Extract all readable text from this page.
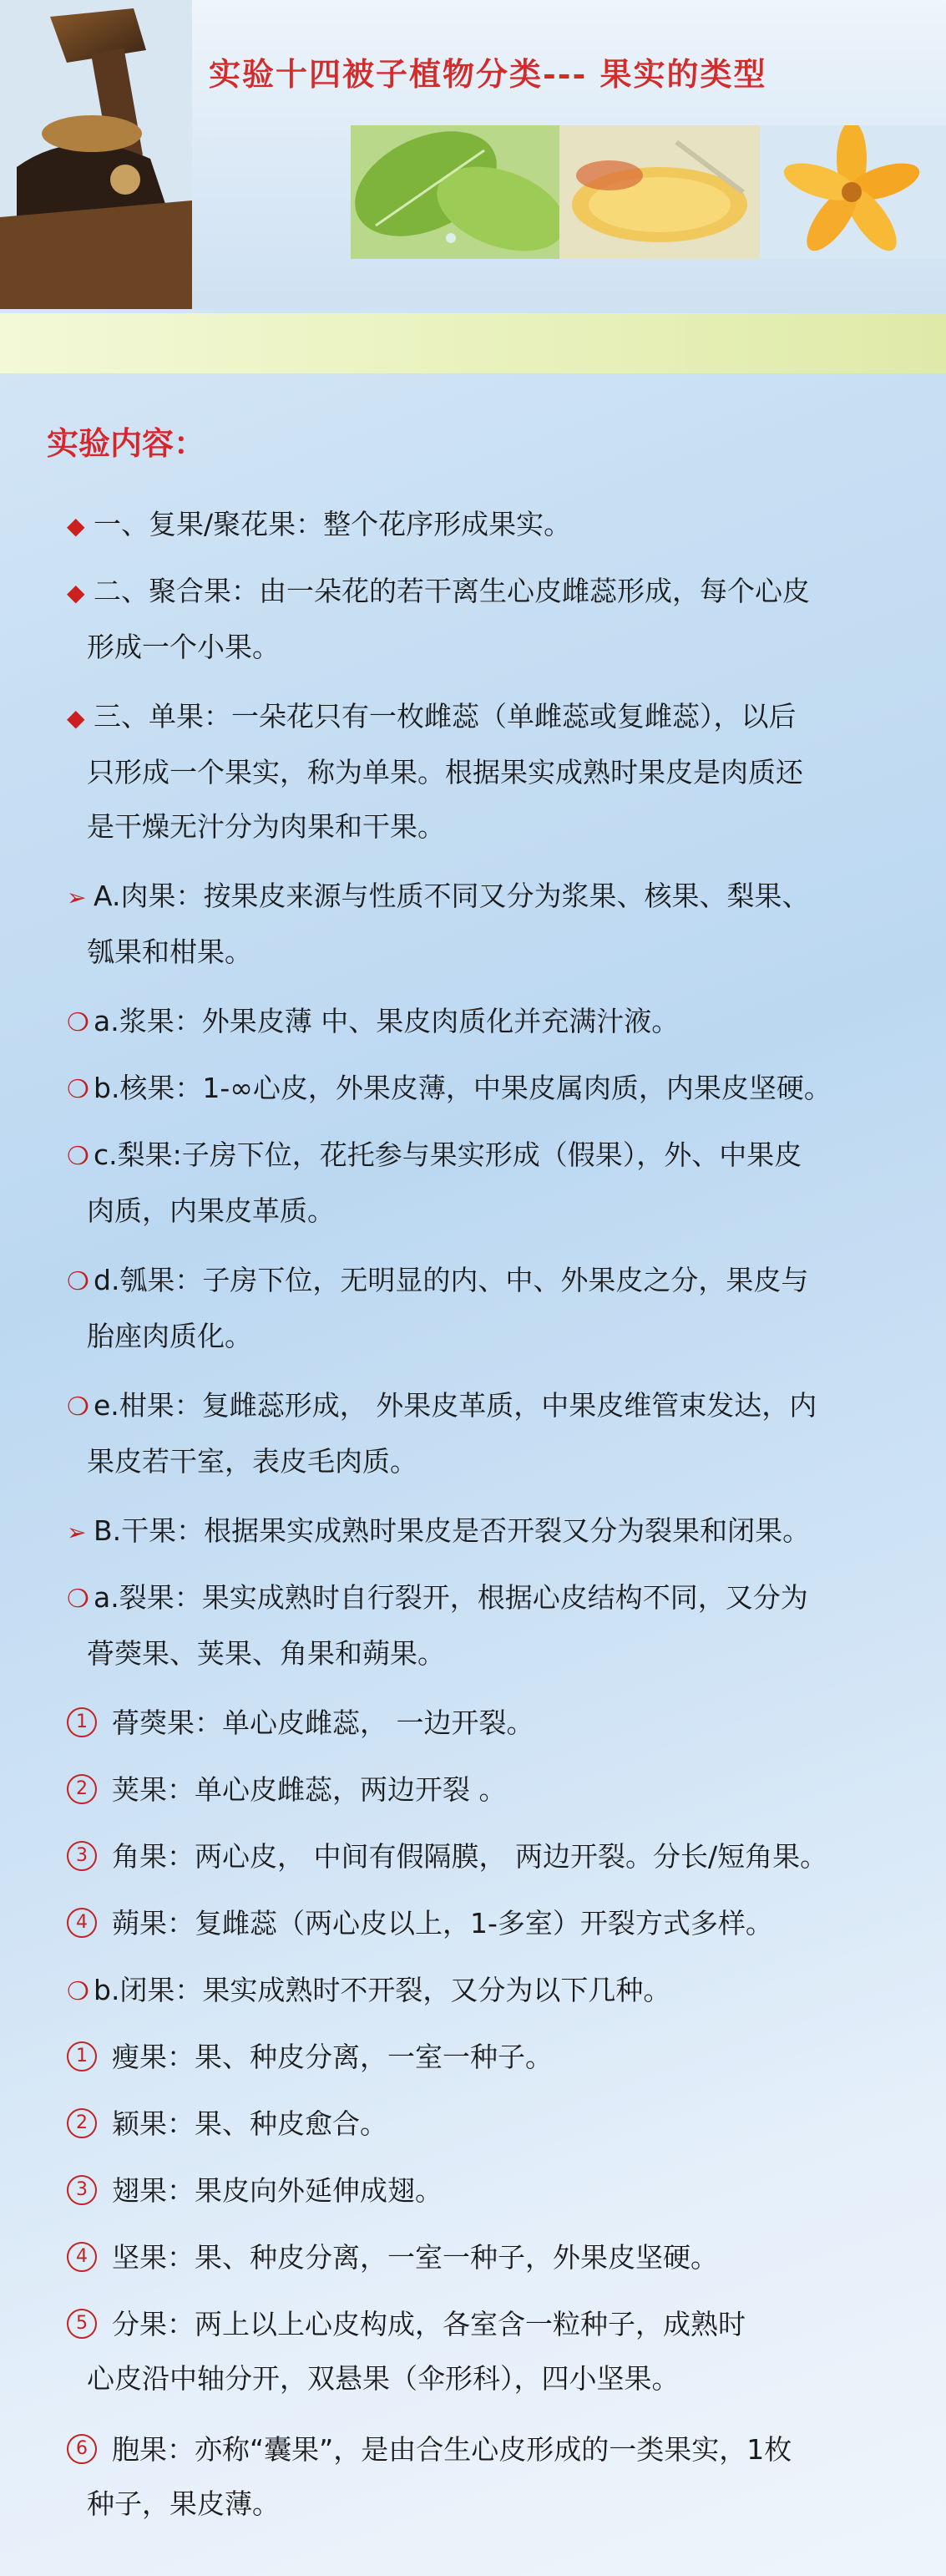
实验十四被子植物分类--- 果实的类型
实验内容：
◆ 一、复果/聚花果：整个花序形成果实。
◆ 二、聚合果：由一朵花的若干离生心皮雌蕊形成，每个心皮
形成一个小果。
◆ 三、单果：一朵花只有一枚雌蕊（单雌蕊或复雌蕊），以后
只形成一个果实，称为单果。根据果实成熟时果皮是肉质还
是干燥无汁分为肉果和干果。
➢ A.肉果：按果皮来源与性质不同又分为浆果、核果、梨果、
瓠果和柑果。
❍ a.浆果：外果皮薄 中、果皮肉质化并充满汁液。
❍ b.核果：1-∞心皮，外果皮薄，中果皮属肉质，内果皮坚硬。
❍ c.梨果:子房下位，花托参与果实形成（假果），外、中果皮
肉质，内果皮革质。
❍ d.瓠果：子房下位，无明显的内、中、外果皮之分，果皮与
胎座肉质化。
❍ e.柑果：复雌蕊形成， 外果皮革质，中果皮维管束发达，内
果皮若干室，表皮毛肉质。
➢ B.干果：根据果实成熟时果皮是否开裂又分为裂果和闭果。
❍ a.裂果：果实成熟时自行裂开，根据心皮结构不同，又分为
蓇葖果、荚果、角果和蒴果。
1 蓇葖果：单心皮雌蕊， 一边开裂。
2 荚果：单心皮雌蕊，两边开裂 。
3 角果：两心皮， 中间有假隔膜， 两边开裂。分长/短角果。
4 蒴果：复雌蕊（两心皮以上，1-多室）开裂方式多样。
❍ b.闭果：果实成熟时不开裂，又分为以下几种。
1 瘦果：果、种皮分离，一室一种子。
2 颖果：果、种皮愈合。
3 翅果：果皮向外延伸成翅。
4 坚果：果、种皮分离，一室一种子，外果皮坚硬。
5 分果：两上以上心皮构成，各室含一粒种子，成熟时
心皮沿中轴分开，双悬果（伞形科），四小坚果。
6 胞果：亦称“囊果”，是由合生心皮形成的一类果实，1枚
种子，果皮薄。
